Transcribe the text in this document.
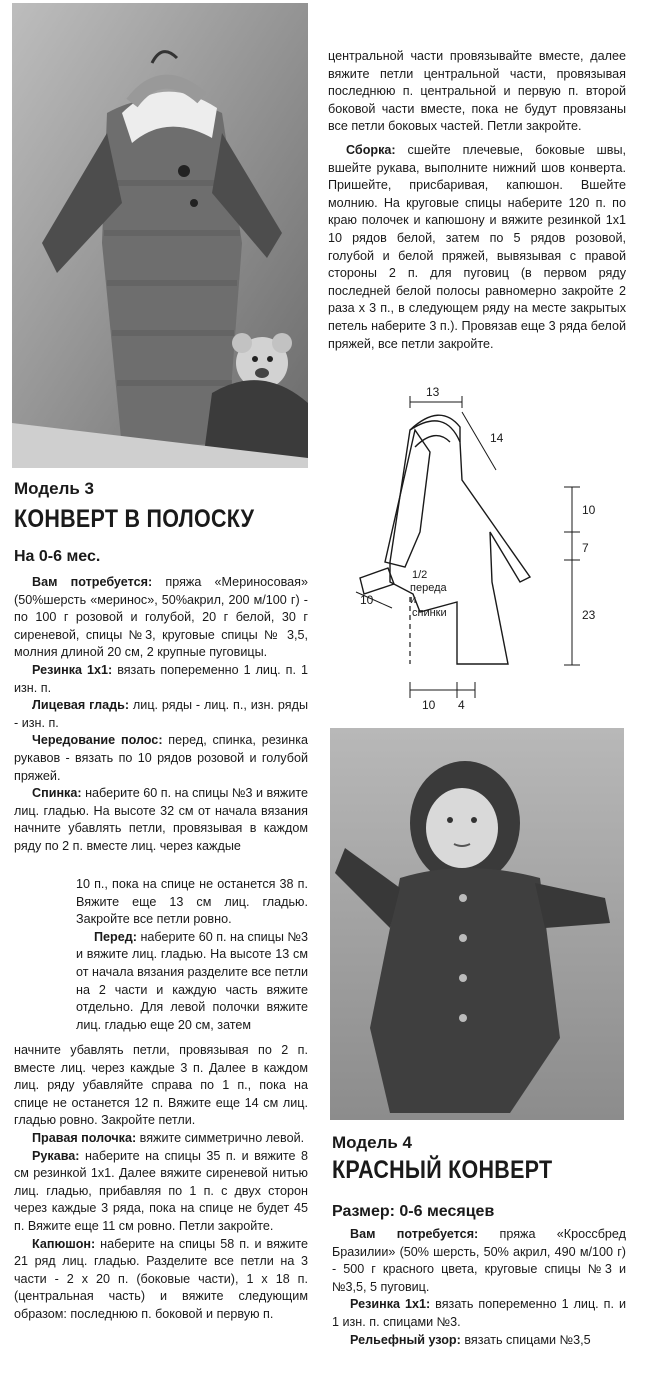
центральной части провязывайте вместе, далее вяжите петли центральной части, провязывая последнюю п. центральной и первую п. второй боковой части вместе, пока не будут провязаны все петли боковых частей. Петли закройте.

Сборка: сшейте плечевые, боковые швы, вшейте рукава, выполните нижний шов конверта. Пришейте, присбаривая, капюшон. Вшейте молнию. На круговые спицы наберите 120 п. по краю полочек и капюшону и вяжите резинкой 1х1 10 рядов белой, затем по 5 рядов розовой, голубой и белой пряжей, вывязывая с правой стороны 2 п. для пуговиц (в первом ряду последней белой полосы равномерно закройте 2 раза х 3 п., в следующем ряду на месте закрытых петель наберите 3 п.). Провязав еще 3 ряда белой пряжей, все петли закройте.

13
14
10
7
23
10
10 4
1/2
переда
и
спинки
Модель 3
КОНВЕРТ В ПОЛОСКУ
На 0-6 мес.

Вам потребуется: пряжа «Мериносовая» (50%шерсть «меринос», 50%акрил, 200 м/100 г) - по 100 г розовой и голубой, 20 г белой, 30 г сиреневой, спицы №3, круговые спицы № 3,5, молния длиной 20 см, 2 крупные пуговицы.

Резинка 1х1: вязать попеременно 1 лиц. п. 1 изн. п.

Лицевая гладь: лиц. ряды - лиц. п., изн. ряды - изн. п.

Чередование полос: перед, спинка, резинка рукавов - вязать по 10 рядов розовой и голубой пряжей.

Спинка: наберите 60 п. на спицы №3 и вяжите лиц. гладью. На высоте 32 см от начала вязания начните убавлять петли, провязывая в каждом ряду по 2 п. вместе лиц. через каждые

10 п., пока на спице не останется 38 п. Вяжите еще 13 см лиц. гладью. Закройте все петли ровно.

Перед: наберите 60 п. на спицы №3 и вяжите лиц. гладью. На высоте 13 см от начала вязания разделите все петли на 2 части и каждую часть вяжите отдельно. Для левой полочки вяжите лиц. гладью еще 20 см, затем

начните убавлять петли, провязывая по 2 п. вместе лиц. через каждые 3 п. Далее в каждом лиц. ряду убавляйте справа по 1 п., пока на спице не останется 12 п. Вяжите еще 14 см лиц. гладью ровно. Закройте петли.

Правая полочка: вяжите симметрично левой.

Рукава: наберите на спицы 35 п. и вяжите 8 см резинкой 1х1. Далее вяжите сиреневой нитью лиц. гладью, прибавляя по 1 п. с двух сторон через каждые 3 ряда, пока на спице не будет 45 п. Вяжите еще 11 см ровно. Петли закройте.

Капюшон: наберите на спицы 58 п. и вяжите 21 ряд лиц. гладью. Разделите все петли на 3 части - 2 х 20 п. (боковые части), 1 х 18 п. (центральная часть) и вяжите следующим образом: последнюю п. боковой и первую п.

Модель 4
КРАСНЫЙ КОНВЕРТ
Размер: 0-6 месяцев

Вам потребуется: пряжа «Кроссбред Бразилии» (50% шерсть, 50% акрил, 490 м/100 г) - 500 г красного цвета, круговые спицы №3 и №3,5, 5 пуговиц.

Резинка 1х1: вязать попеременно 1 лиц. п. и 1 изн. п. спицами №3.

Рельефный узор: вязать спицами №3,5
